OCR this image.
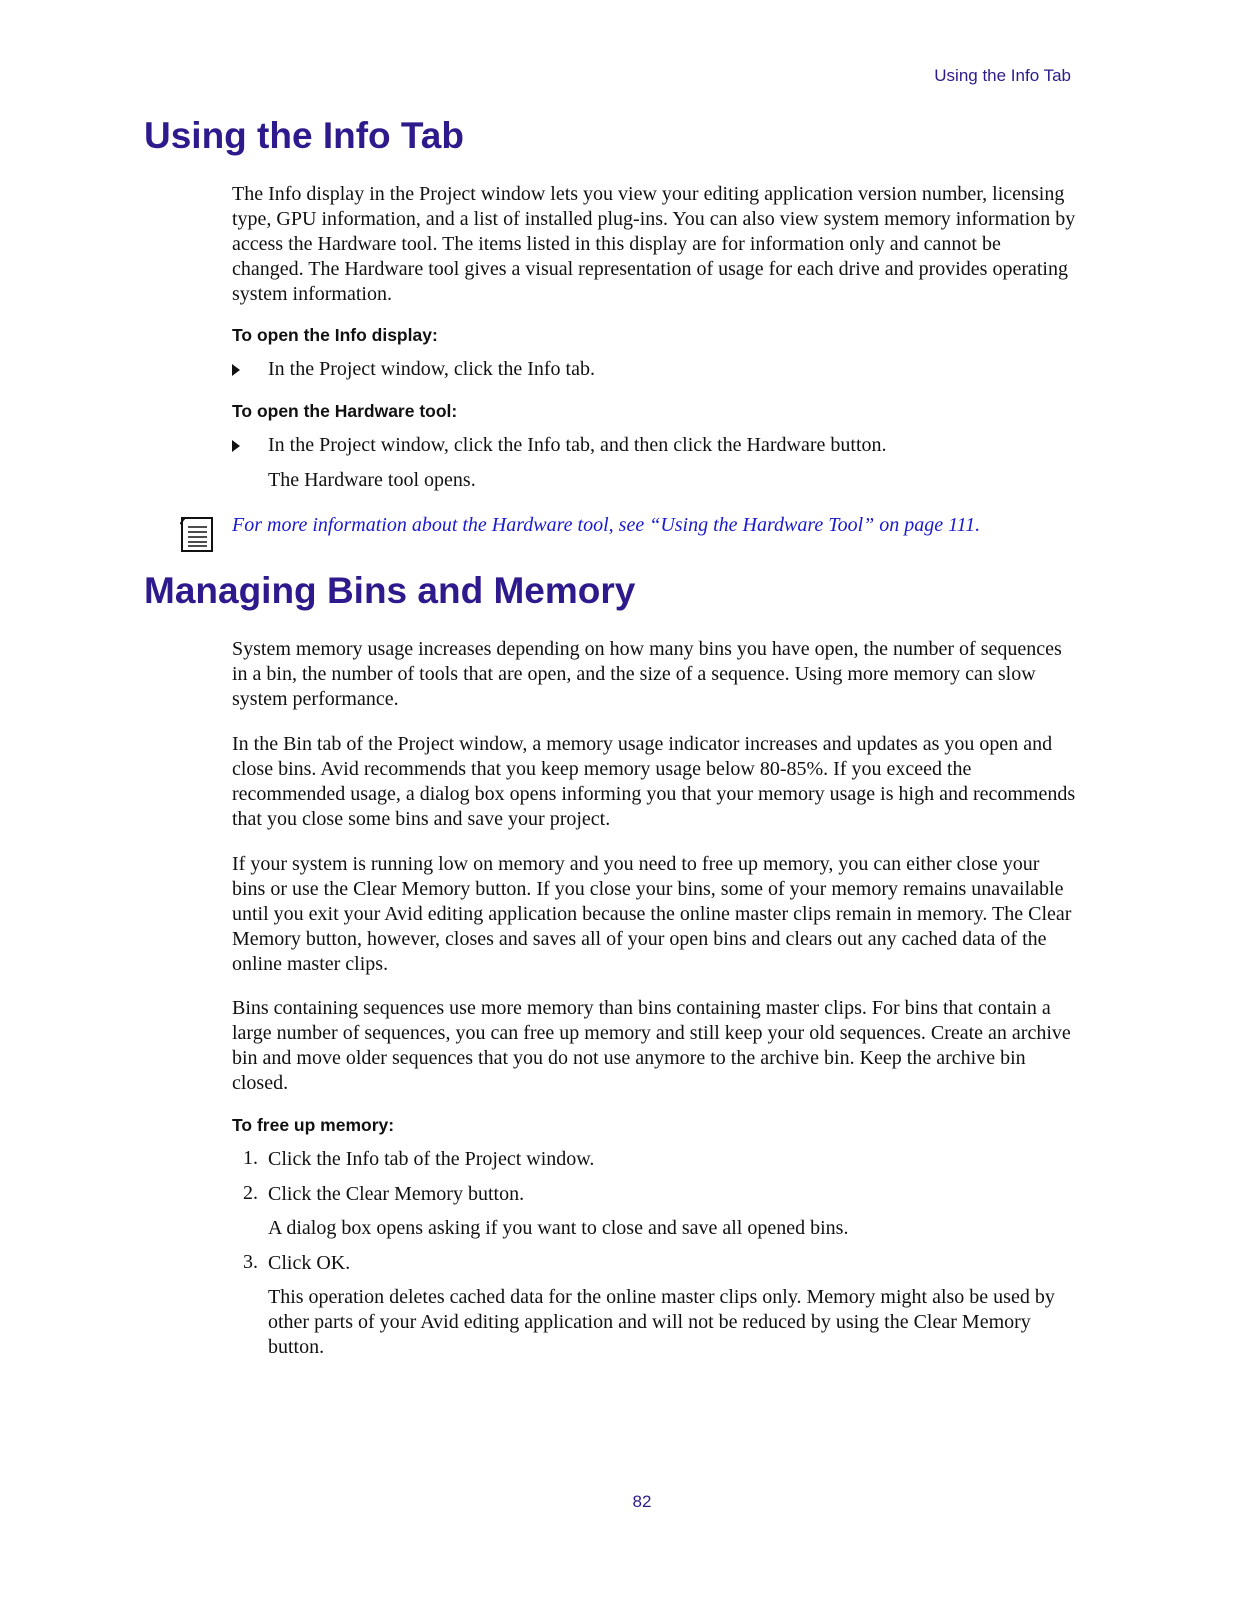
Using the Info Tab
Using the Info Tab

The Info display in the Project window lets you view your editing application version number, licensing type, GPU information, and a list of installed plug-ins. You can also view system memory information by access the Hardware tool. The items listed in this display are for information only and cannot be changed. The Hardware tool gives a visual representation of usage for each drive and provides operating system information.

To open the Info display:
In the Project window, click the Info tab.
To open the Hardware tool:
In the Project window, click the Info tab, and then click the Hardware button.
The Hardware tool opens.
For more information about the Hardware tool, see “Using the Hardware Tool” on page 111.
Managing Bins and Memory

System memory usage increases depending on how many bins you have open, the number of sequences in a bin, the number of tools that are open, and the size of a sequence. Using more memory can slow system performance.

In the Bin tab of the Project window, a memory usage indicator increases and updates as you open and close bins. Avid recommends that you keep memory usage below 80-85%. If you exceed the recommended usage, a dialog box opens informing you that your memory usage is high and recommends that you close some bins and save your project.

If your system is running low on memory and you need to free up memory, you can either close your bins or use the Clear Memory button. If you close your bins, some of your memory remains unavailable until you exit your Avid editing application because the online master clips remain in memory. The Clear Memory button, however, closes and saves all of your open bins and clears out any cached data of the online master clips.

Bins containing sequences use more memory than bins containing master clips. For bins that contain a large number of sequences, you can free up memory and still keep your old sequences. Create an archive bin and move older sequences that you do not use anymore to the archive bin. Keep the archive bin closed.

To free up memory:
1. Click the Info tab of the Project window.
2. Click the Clear Memory button.
A dialog box opens asking if you want to close and save all opened bins.
3. Click OK.
This operation deletes cached data for the online master clips only. Memory might also be used by other parts of your Avid editing application and will not be reduced by using the Clear Memory button.
82
